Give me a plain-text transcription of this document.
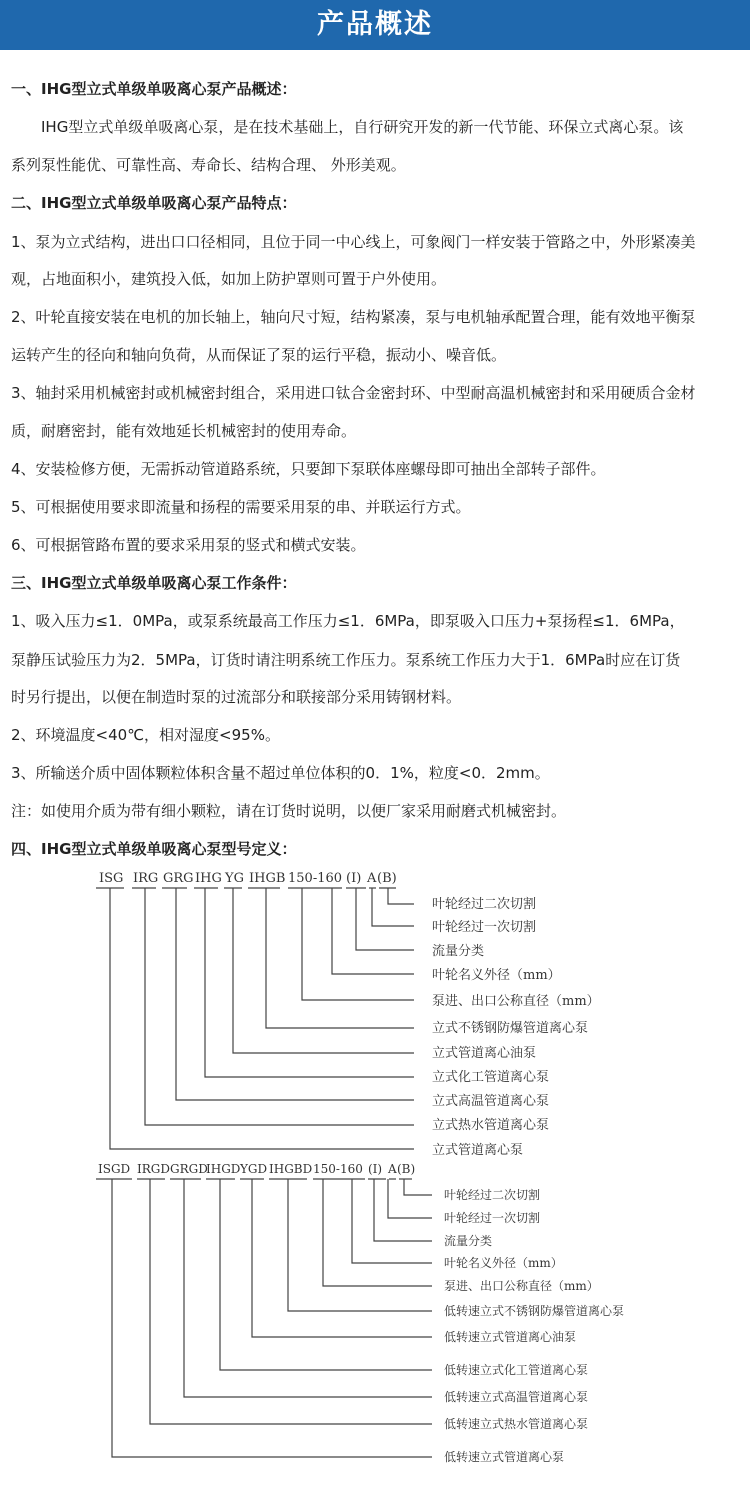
产品概述
一、IHG型立式单级单吸离心泵产品概述：
　　IHG型立式单级单吸离心泵，是在技术基础上，自行研究开发的新一代节能、环保立式离心泵。该
系列泵性能优、可靠性高、寿命长、结构合理、 外形美观。
二、IHG型立式单级单吸离心泵产品特点：
1、泵为立式结构，进出口口径相同，且位于同一中心线上，可象阀门一样安装于管路之中，外形紧凑美
观，占地面积小，建筑投入低，如加上防护罩则可置于户外使用。
2、叶轮直接安装在电机的加长轴上，轴向尺寸短，结构紧凑，泵与电机轴承配置合理，能有效地平衡泵
运转产生的径向和轴向负荷，从而保证了泵的运行平稳，振动小、噪音低。
3、轴封采用机械密封或机械密封组合，采用进口钛合金密封环、中型耐高温机械密封和采用硬质合金材
质，耐磨密封，能有效地延长机械密封的使用寿命。
4、安装检修方便，无需拆动管道路系统，只要卸下泵联体座螺母即可抽出全部转子部件。
5、可根据使用要求即流量和扬程的需要采用泵的串、并联运行方式。
6、可根据管路布置的要求采用泵的竖式和横式安装。
三、IHG型立式单级单吸离心泵工作条件：
1、吸入压力≤1．0MPa，或泵系统最高工作压力≤1．6MPa，即泵吸入口压力+泵扬程≤1．6MPa，
泵静压试验压力为2．5MPa，订货时请注明系统工作压力。泵系统工作压力大于1．6MPa时应在订货
时另行提出，以便在制造时泵的过流部分和联接部分采用铸钢材料。
2、环境温度<40℃，相对湿度<95%。
3、所输送介质中固体颗粒体积含量不超过单位体积的0．1%，粒度<0．2mm。
注：如使用介质为带有细小颗粒，请在订货时说明，以便厂家采用耐磨式机械密封。
四、IHG型立式单级单吸离心泵型号定义：
ISG IRG GRG IHG YG IHGB 150-160 (I) A (B)
叶轮经过二次切割
叶轮经过一次切割
流量分类
叶轮名义外径（mm）
泵进、出口公称直径（mm）
立式不锈钢防爆管道离心泵
立式管道离心油泵
立式化工管道离心泵
立式高温管道离心泵
立式热水管道离心泵
立式管道离心泵
ISGD IRGD GRGD
IHGD YGD IHGBD 150-160 (I) A (B)
叶轮经过二次切割
叶轮经过一次切割
流量分类
叶轮名义外径（mm）
泵进、出口公称直径（mm）
低转速立式不锈钢防爆管道离心泵
低转速立式管道离心油泵
低转速立式化工管道离心泵
低转速立式高温管道离心泵
低转速立式热水管道离心泵
低转速立式管道离心泵
